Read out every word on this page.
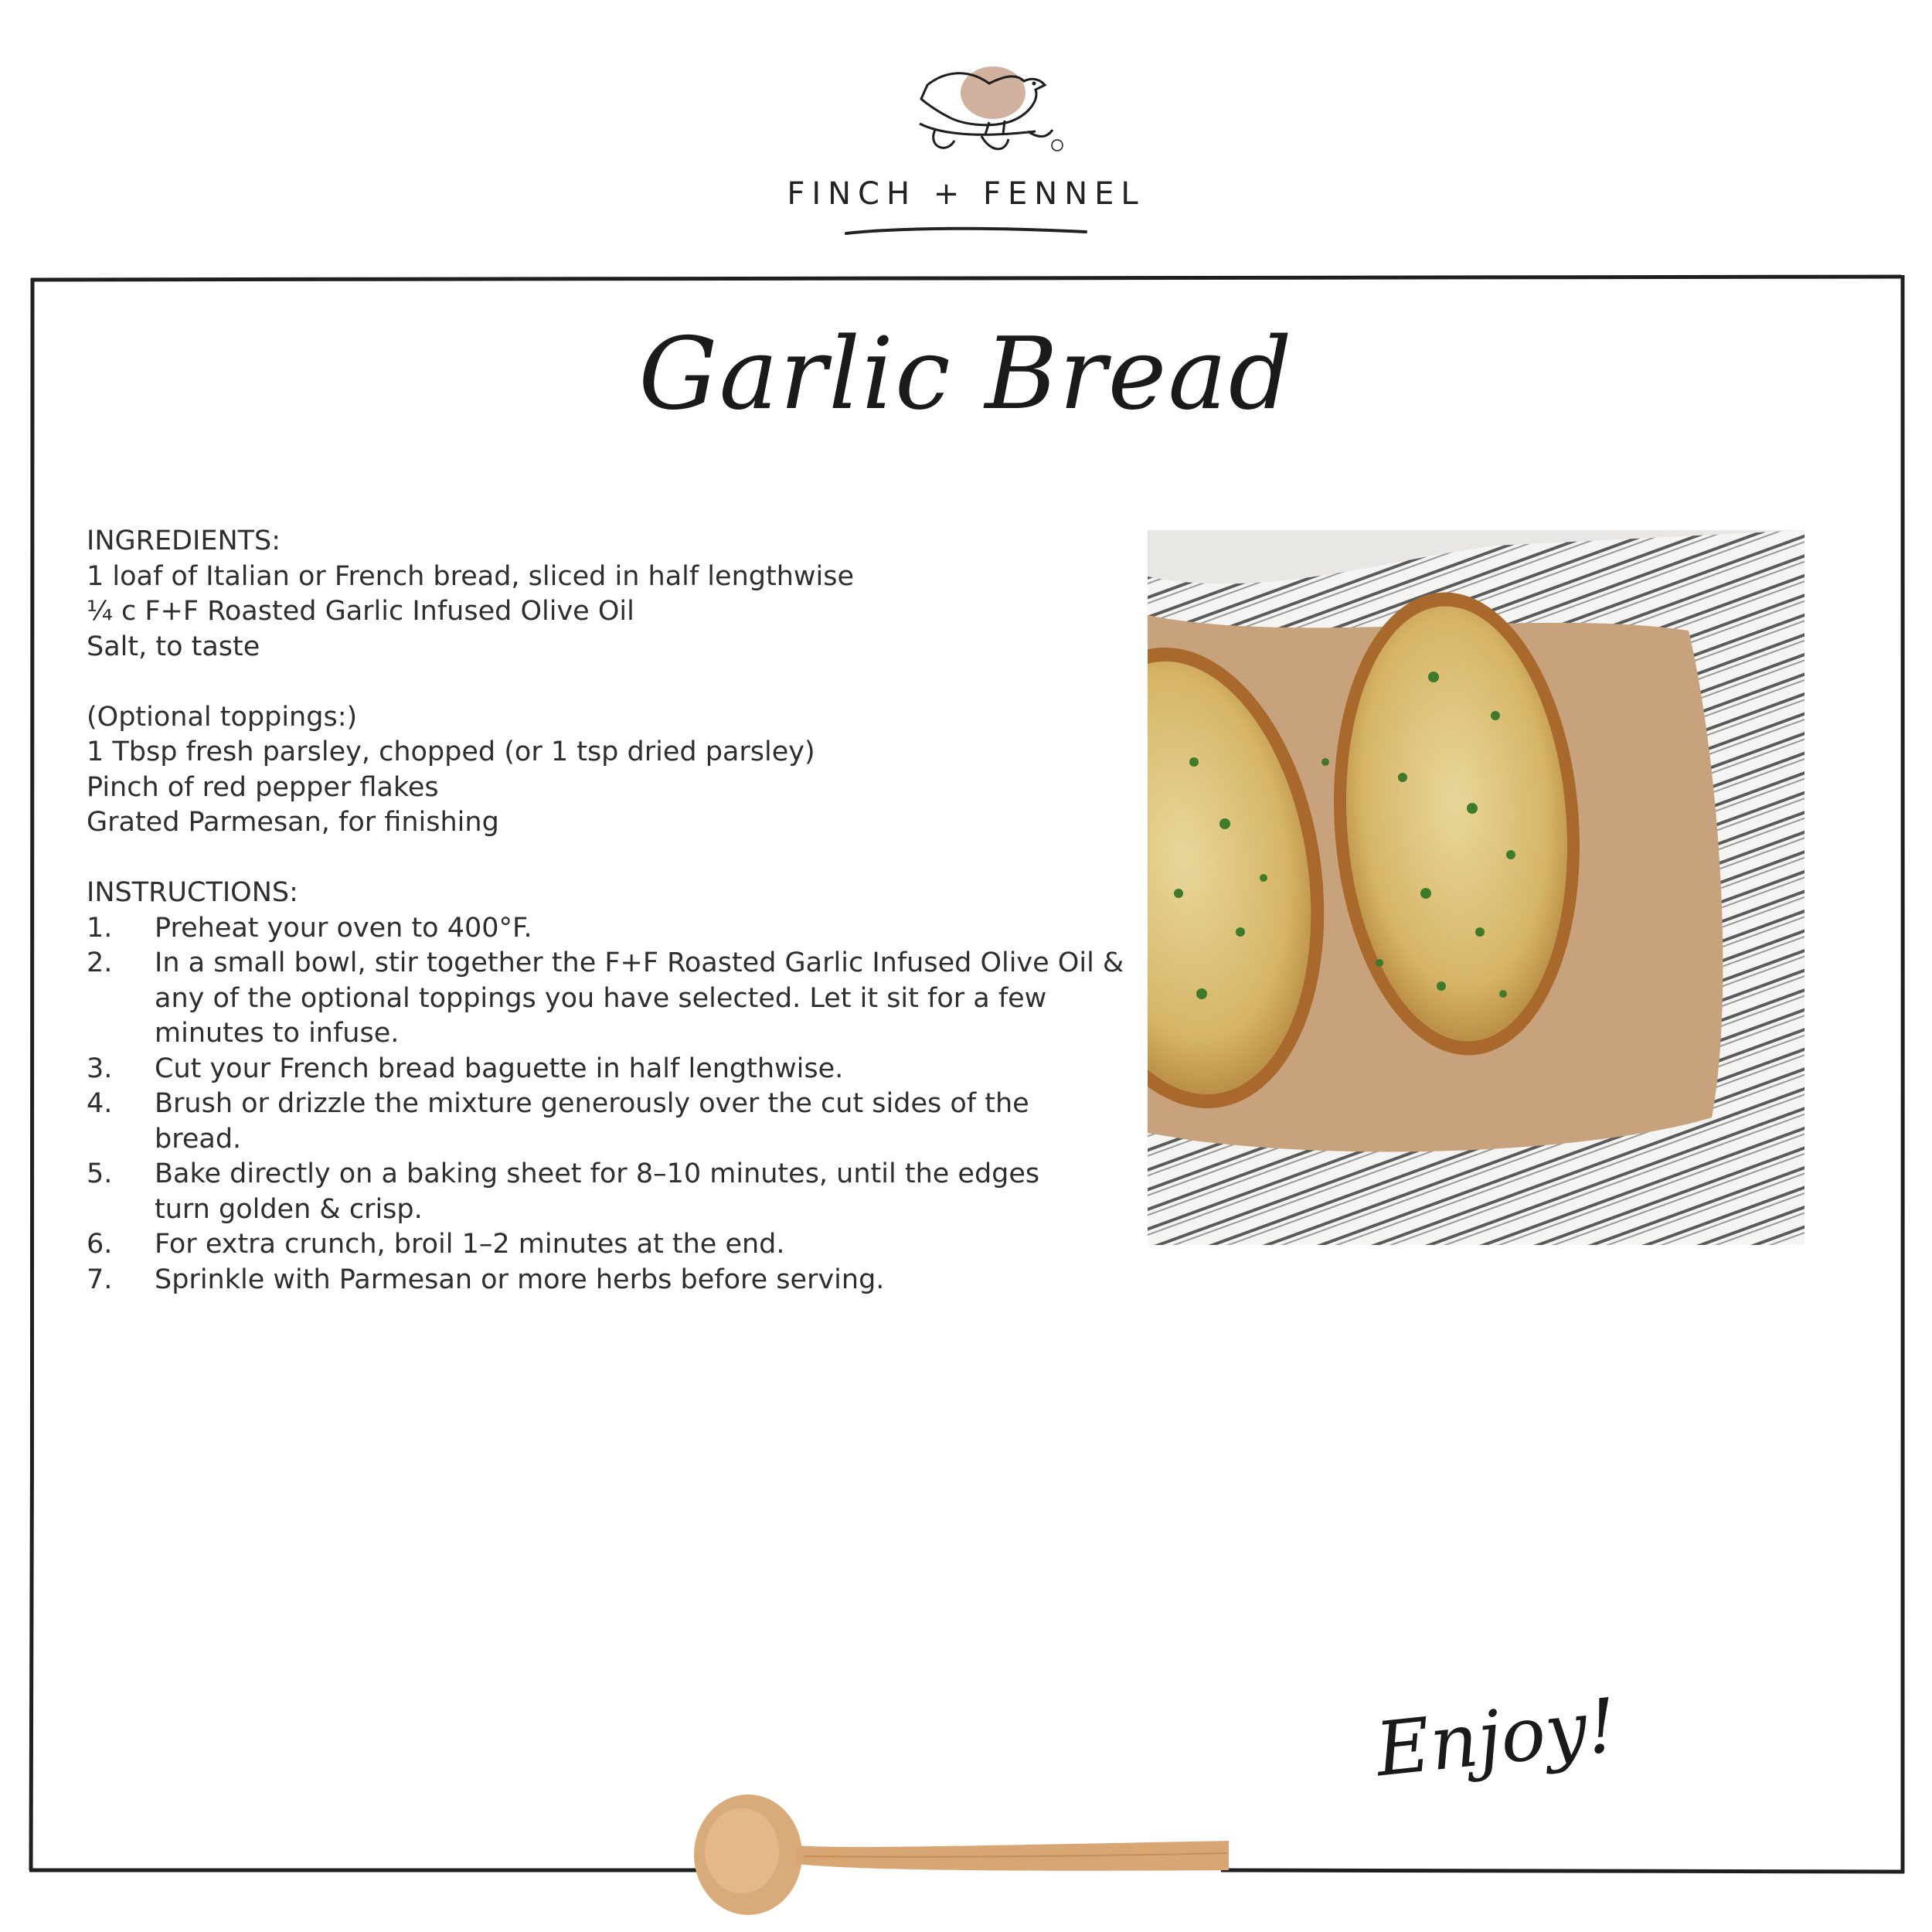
FINCH + FENNEL
Garlic Bread

INGREDIENTS:

1 loaf of Italian or French bread, sliced in half lengthwise

¼ c F+F Roasted Garlic Infused Olive Oil

Salt, to taste

(Optional toppings:)

1 Tbsp fresh parsley, chopped (or 1 tsp dried parsley)

Pinch of red pepper flakes

Grated Parmesan, for finishing

INSTRUCTIONS:

1. Preheat your oven to 400°F.
2. In a small bowl, stir together the F+F Roasted Garlic Infused Olive Oil & any of the optional toppings you have selected. Let it sit for a few minutes to infuse.
3. Cut your French bread baguette in half lengthwise.
4. Brush or drizzle the mixture generously over the cut sides of the bread.
5. Bake directly on a baking sheet for 8–10 minutes, until the edges turn golden & crisp.
6. For extra crunch, broil 1–2 minutes at the end.
7. Sprinkle with Parmesan or more herbs before serving.
Enjoy!
